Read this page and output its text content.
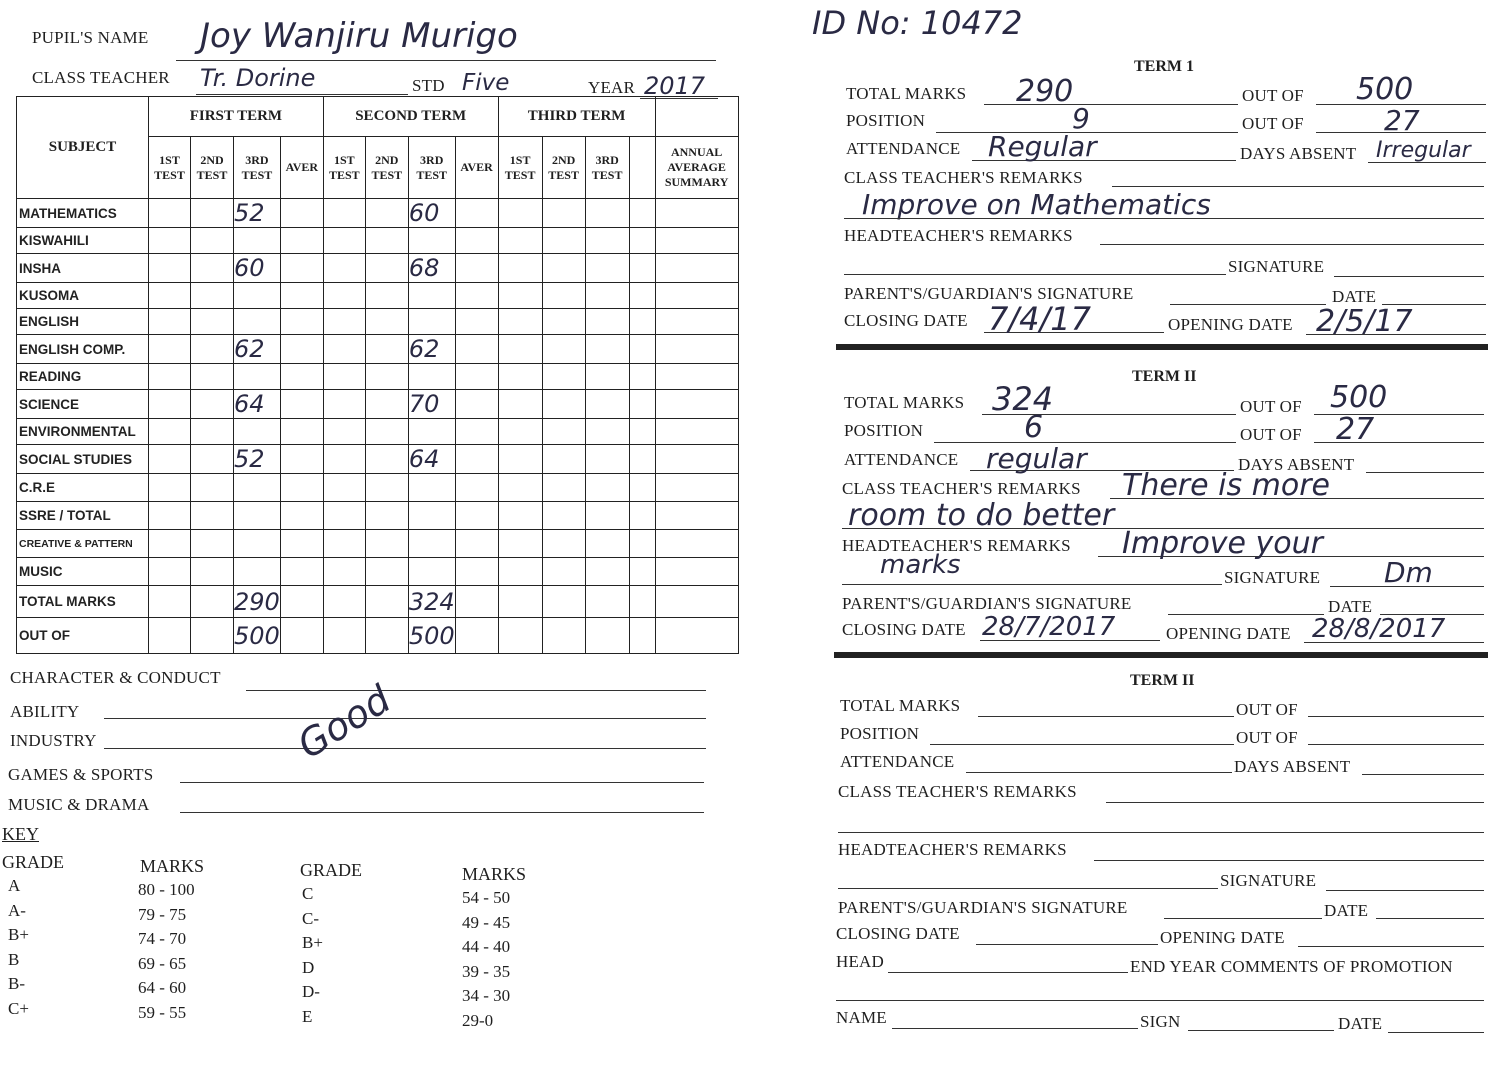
PUPIL'S NAME Joy Wanjiru Murigo
CLASS TEACHER Tr. Dorine	STD Five	YEAR 2017
SUBJECT	FIRST TERM				SECOND TERM				THIRD TERM				
	1ST TEST	2ND TEST	3RD TEST	AVER	1ST TEST	2ND TEST	3RD TEST	AVER	1ST TEST	2ND TEST	3RD TEST		ANNUAL AVERAGE SUMMARY
MATHEMATICS			52				60						
KISWAHILI													
INSHA			60				68						
KUSOMA													
ENGLISH													
ENGLISH COMP.			62				62						
READING													
SCIENCE			64				70						
ENVIRONMENTAL													
SOCIAL STUDIES			52				64						
C.R.E													
SSRE / TOTAL													
CREATIVE & PATTERN													
MUSIC													
TOTAL MARKS			290				324						
OUT OF			500				500						
CHARACTER & CONDUCT
ABILITY
INDUSTRY
GAMES & SPORTS
MUSIC & DRAMA
Good
KEY
GRADE	MARKS	GRADE	MARKS
A	80 - 100
A-	79 - 75
B+	74 - 70
B	69 - 65
B-	64 - 60
C+	59 - 55
C	54 - 50
C-	49 - 45
B+	44 - 40
D	39 - 35
D-	34 - 30
E	29-0
ID No: 10472
TERM 1
TOTAL MARKS 290	OUT OF 500
POSITION	9	OUT OF	27
ATTENDANCE Regular	DAYS ABSENT Irregular
CLASS TEACHER'S REMARKS
Improve on Mathematics
HEADTEACHER'S REMARKS
SIGNATURE
PARENT'S/GUARDIAN'S SIGNATURE	DATE
CLOSING DATE 7/4/17	OPENING DATE 2/5/17
TERM II
TOTAL MARKS 324	OUT OF 500
POSITION	6	OUT OF 27
ATTENDANCE regular	DAYS ABSENT
CLASS TEACHER'S REMARKS There is more
room to do better
HEADTEACHER'S REMARKS Improve your
marks	SIGNATURE Dm
PARENT'S/GUARDIAN'S SIGNATURE	DATE
CLOSING DATE 28/7/2017	OPENING DATE 28/8/2017
TERM II
TOTAL MARKS	OUT OF
POSITION	OUT OF
ATTENDANCE	DAYS ABSENT
CLASS TEACHER'S REMARKS
HEADTEACHER'S REMARKS
SIGNATURE
PARENT'S/GUARDIAN'S SIGNATURE	DATE
CLOSING DATE	OPENING DATE
HEAD	END YEAR COMMENTS OF PROMOTION
NAME	SIGN	DATE
